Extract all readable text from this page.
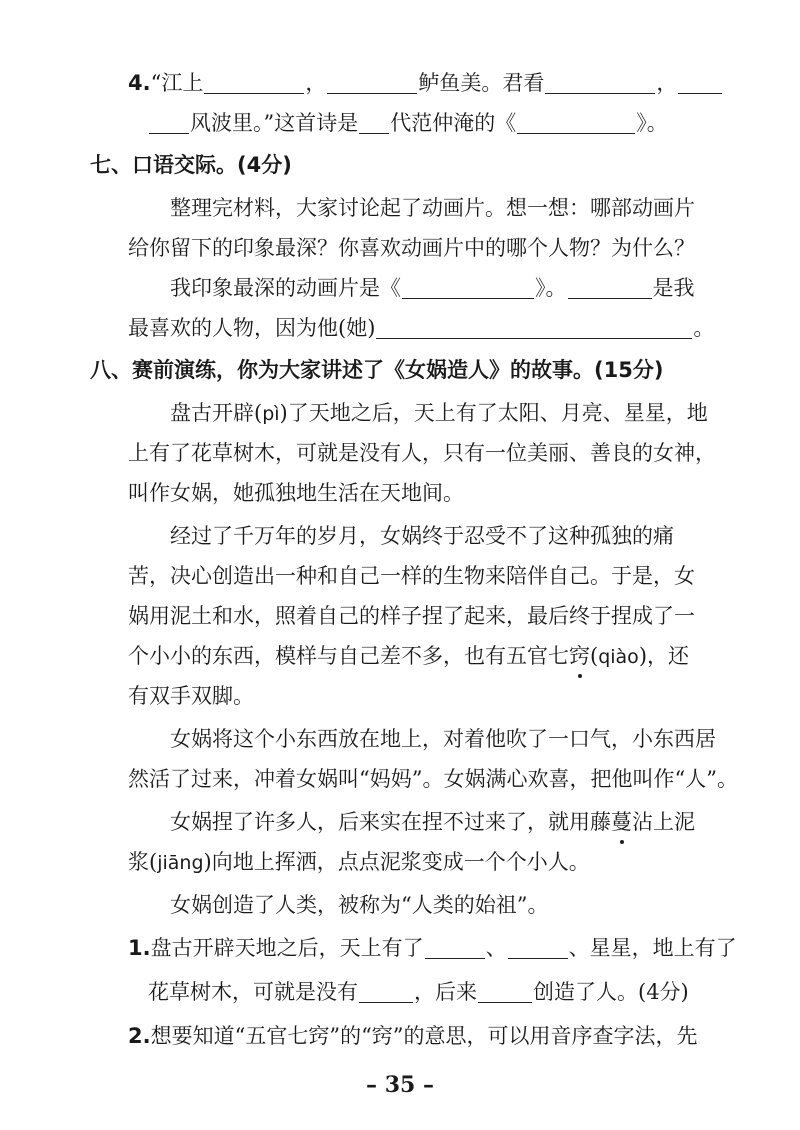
4.“江上	，	鲈鱼美。君看	，
风波里。”这首诗是 代范仲淹的《	》。
七、口语交际。(4分)
整理完材料，大家讨论起了动画片。想一想：哪部动画片
给你留下的印象最深？你喜欢动画片中的哪个人物？为什么？
我印象最深的动画片是《	》。	是我
最喜欢的人物，因为他(她)	。
八、赛前演练，你为大家讲述了《女娲造人》的故事。(15分)
盘古开辟(pì)了天地之后，天上有了太阳、月亮、星星，地
上有了花草树木，可就是没有人，只有一位美丽、善良的女神，
叫作女娲，她孤独地生活在天地间。
经过了千万年的岁月，女娲终于忍受不了这种孤独的痛
苦，决心创造出一种和自己一样的生物来陪伴自己。于是，女
娲用泥土和水，照着自己的样子捏了起来，最后终于捏成了一
个小小的东西，模样与自己差不多，也有五官七窍(qiào)，还
有双手双脚。
女娲将这个小东西放在地上，对着他吹了一口气，小东西居
然活了过来，冲着女娲叫“妈妈”。女娲满心欢喜，把他叫作“人”。
女娲捏了许多人，后来实在捏不过来了，就用藤蔓沾上泥
浆(jiāng)向地上挥洒，点点泥浆变成一个个小人。
女娲创造了人类，被称为“人类的始祖”。
1.盘古开辟天地之后，天上有了	、	、星星，地上有了
花草树木，可就是没有	，后来	创造了人。(4分)
2.想要知道“五官七窍”的“窍”的意思，可以用音序查字法，先
– 35 –
